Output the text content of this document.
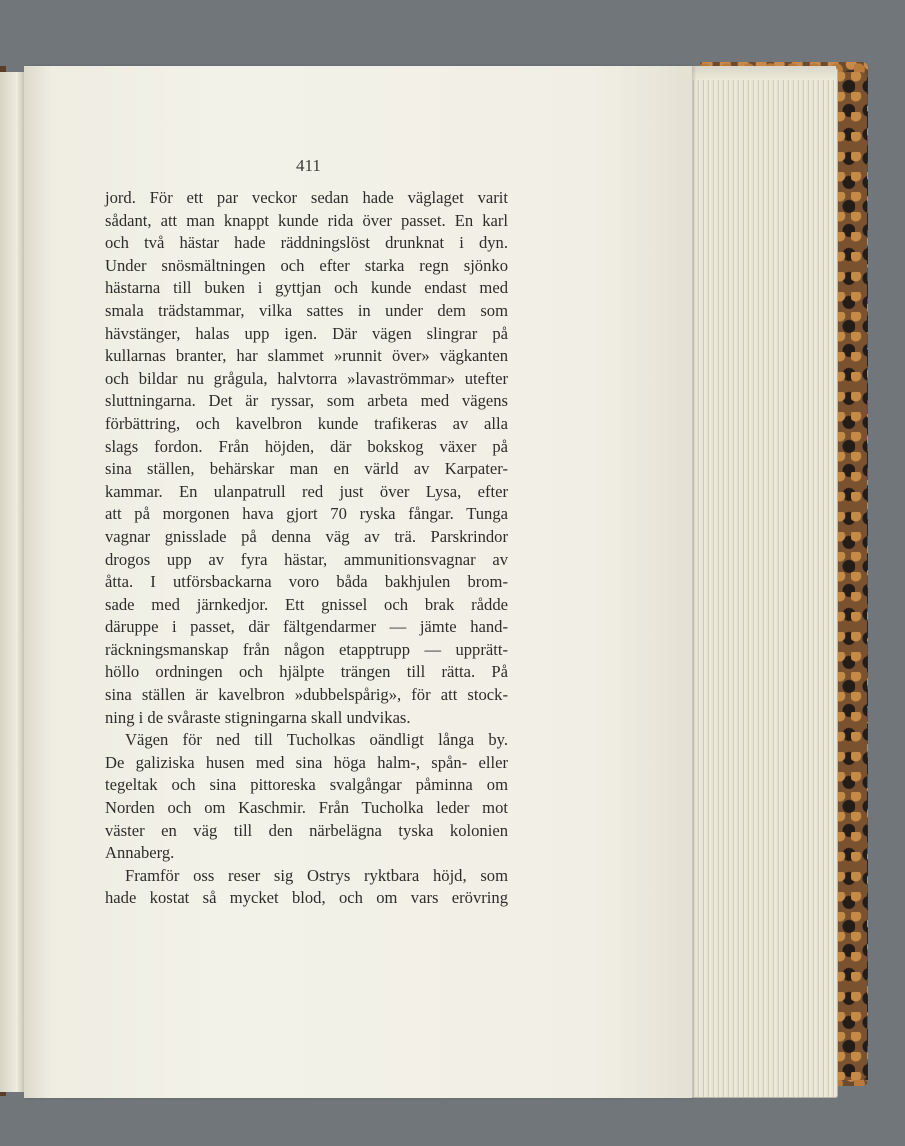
411
jord. För ett par veckor sedan hade väglaget varit
sådant, att man knappt kunde rida över passet. En karl
och två hästar hade räddningslöst drunknat i dyn.
Under snösmältningen och efter starka regn sjönko
hästarna till buken i gyttjan och kunde endast med
smala trädstammar, vilka sattes in under dem som
hävstänger, halas upp igen. Där vägen slingrar på
kullarnas branter, har slammet »runnit över» vägkanten
och bildar nu grågula, halvtorra »lavaströmmar» utefter
sluttningarna. Det är ryssar, som arbeta med vägens
förbättring, och kavelbron kunde trafikeras av alla
slags fordon. Från höjden, där bokskog växer på
sina ställen, behärskar man en värld av Karpater-
kammar. En ulanpatrull red just över Lysa, efter
att på morgonen hava gjort 70 ryska fångar. Tunga
vagnar gnisslade på denna väg av trä. Parskrindor
drogos upp av fyra hästar, ammunitionsvagnar av
åtta. I utförsbackarna voro båda bakhjulen brom-
sade med järnkedjor. Ett gnissel och brak rådde
däruppe i passet, där fältgendarmer — jämte hand-
räckningsmanskap från någon etapptrupp — upprätt-
höllo ordningen och hjälpte trängen till rätta. På
sina ställen är kavelbron »dubbelspårig», för att stock-
ning i de svåraste stigningarna skall undvikas.
Vägen för ned till Tucholkas oändligt långa by.
De galiziska husen med sina höga halm-, spån- eller
tegeltak och sina pittoreska svalgångar påminna om
Norden och om Kaschmir. Från Tucholka leder mot
väster en väg till den närbelägna tyska kolonien
Annaberg.
Framför oss reser sig Ostrys ryktbara höjd, som
hade kostat så mycket blod, och om vars erövring
